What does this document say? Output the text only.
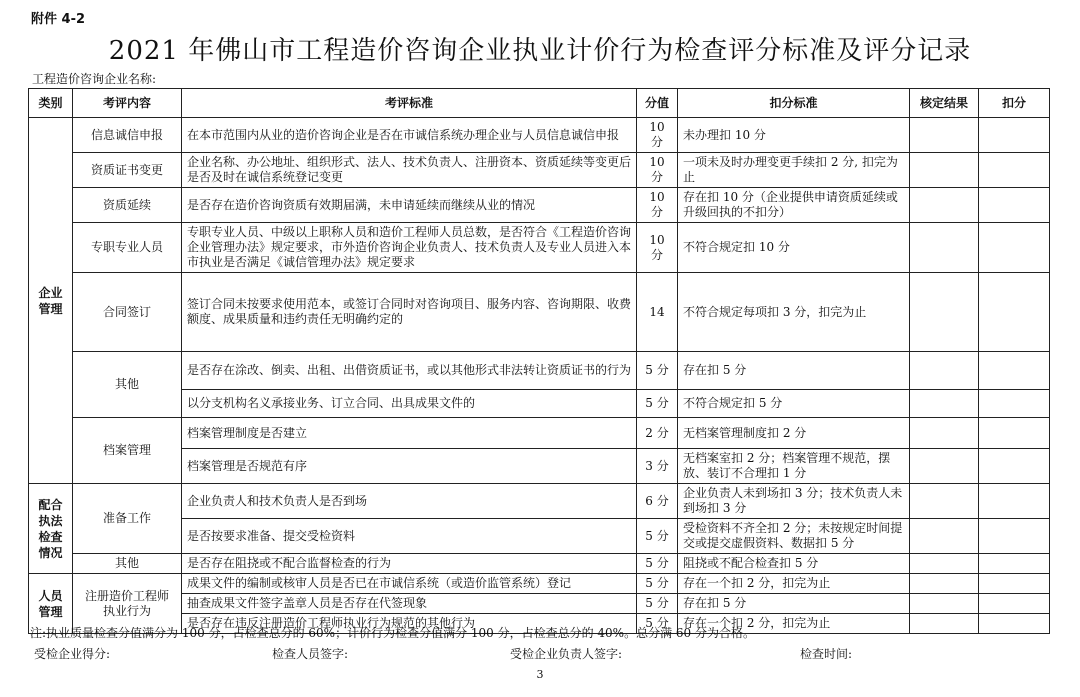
附件 4-2
2021 年佛山市工程造价咨询企业执业计价行为检查评分标准及评分记录
工程造价咨询企业名称:
类别	考评内容	考评标准	分值	扣分标准	核定结果	扣分
企业管理	信息诚信申报	在本市范围内从业的造价咨询企业是否在市诚信系统办理企业与人员信息诚信申报	10 分	未办理扣 10 分		
	资质证书变更	企业名称、办公地址、组织形式、法人、技术负责人、注册资本、资质延续等变更后是否及时在诚信系统登记变更	10 分	一项未及时办理变更手续扣 2 分, 扣完为止		
	资质延续	是否存在造价咨询资质有效期届满，未申请延续而继续从业的情况	10 分	存在扣 10 分（企业提供申请资质延续或升级回执的不扣分）		
	专职专业人员	专职专业人员、中级以上职称人员和造价工程师人员总数，是否符合《工程造价咨询企业管理办法》规定要求，市外造价咨询企业负责人、技术负责人及专业人员进入本市执业是否满足《诚信管理办法》规定要求	10 分	不符合规定扣 10 分		
	合同签订	签订合同未按要求使用范本，或签订合同时对咨询项目、服务内容、咨询期限、收费额度、成果质量和违约责任无明确约定的	14	不符合规定每项扣 3 分，扣完为止		
	其他	是否存在涂改、倒卖、出租、出借资质证书，或以其他形式非法转让资质证书的行为	5 分	存在扣 5 分		
		以分支机构名义承接业务、订立合同、出具成果文件的	5 分	不符合规定扣 5 分		
	档案管理	档案管理制度是否建立	2 分	无档案管理制度扣 2 分		
		档案管理是否规范有序	3 分	无档案室扣 2 分；档案管理不规范，摆放、装订不合理扣 1 分		
配合执法检查情况	准备工作	企业负责人和技术负责人是否到场	6 分	企业负责人未到场扣 3 分；技术负责人未到场扣 3 分		
		是否按要求准备、提交受检资料	5 分	受检资料不齐全扣 2 分；未按规定时间提交或提交虚假资料、数据扣 5 分		
	其他	是否存在阻挠或不配合监督检查的行为	5 分	阻挠或不配合检查扣 5 分		
人员管理	注册造价工程师执业行为	成果文件的编制或核审人员是否已在市诚信系统（或造价监管系统）登记	5 分	存在一个扣 2 分，扣完为止		
		抽查成果文件签字盖章人员是否存在代签现象	5 分	存在扣 5 分		
		是否存在违反注册造价工程师执业行为规范的其他行为	5 分	存在一个扣 2 分，扣完为止		
注:执业质量检查分值满分为 100 分，占检查总分的 60%；计价行为检查分值满分 100 分，占检查总分的 40%。总分满 60 分为合格。
受检企业得分:	检查人员签字:	受检企业负责人签字:	检查时间:
3
